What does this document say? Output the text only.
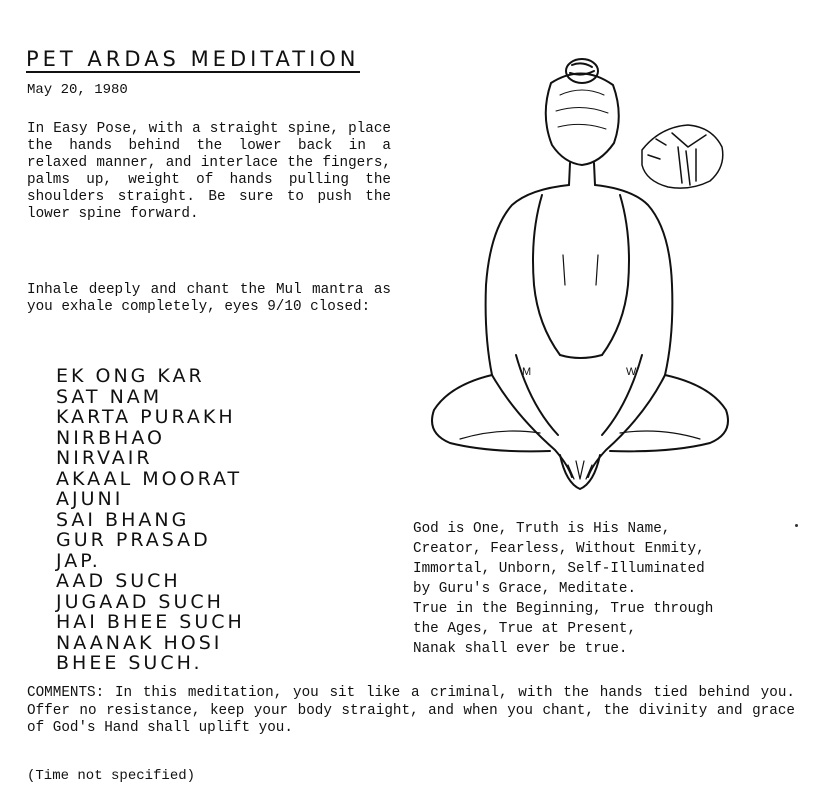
PET ARDAS MEDITATION
May 20, 1980

In Easy Pose, with a straight spine, place the hands behind the lower back in a relaxed manner, and interlace the fingers, palms up, weight of hands pulling the shoulders straight. Be sure to push the lower spine forward.

Inhale deeply and chant the Mul mantra as you exhale completely, eyes 9/10 closed:

EK ONG KAR
SAT NAM
KARTA PURAKH
NIRBHAO
NIRVAIR
AKAAL MOORAT
AJUNI
SAI BHANG
GUR PRASAD
JAP.
AAD SUCH
JUGAAD SUCH
HAI BHEE SUCH
NAANAK HOSI
BHEE SUCH.
M	W
God is One, Truth is His Name,
Creator, Fearless, Without Enmity,
Immortal, Unborn, Self-Illuminated
by Guru's Grace, Meditate.
True in the Beginning, True through
the Ages, True at Present,
Nanak shall ever be true.

COMMENTS: In this meditation, you sit like a criminal, with the hands tied behind you. Offer no resistance, keep your body straight, and when you chant, the divinity and grace of God's Hand shall uplift you.

(Time not specified)
